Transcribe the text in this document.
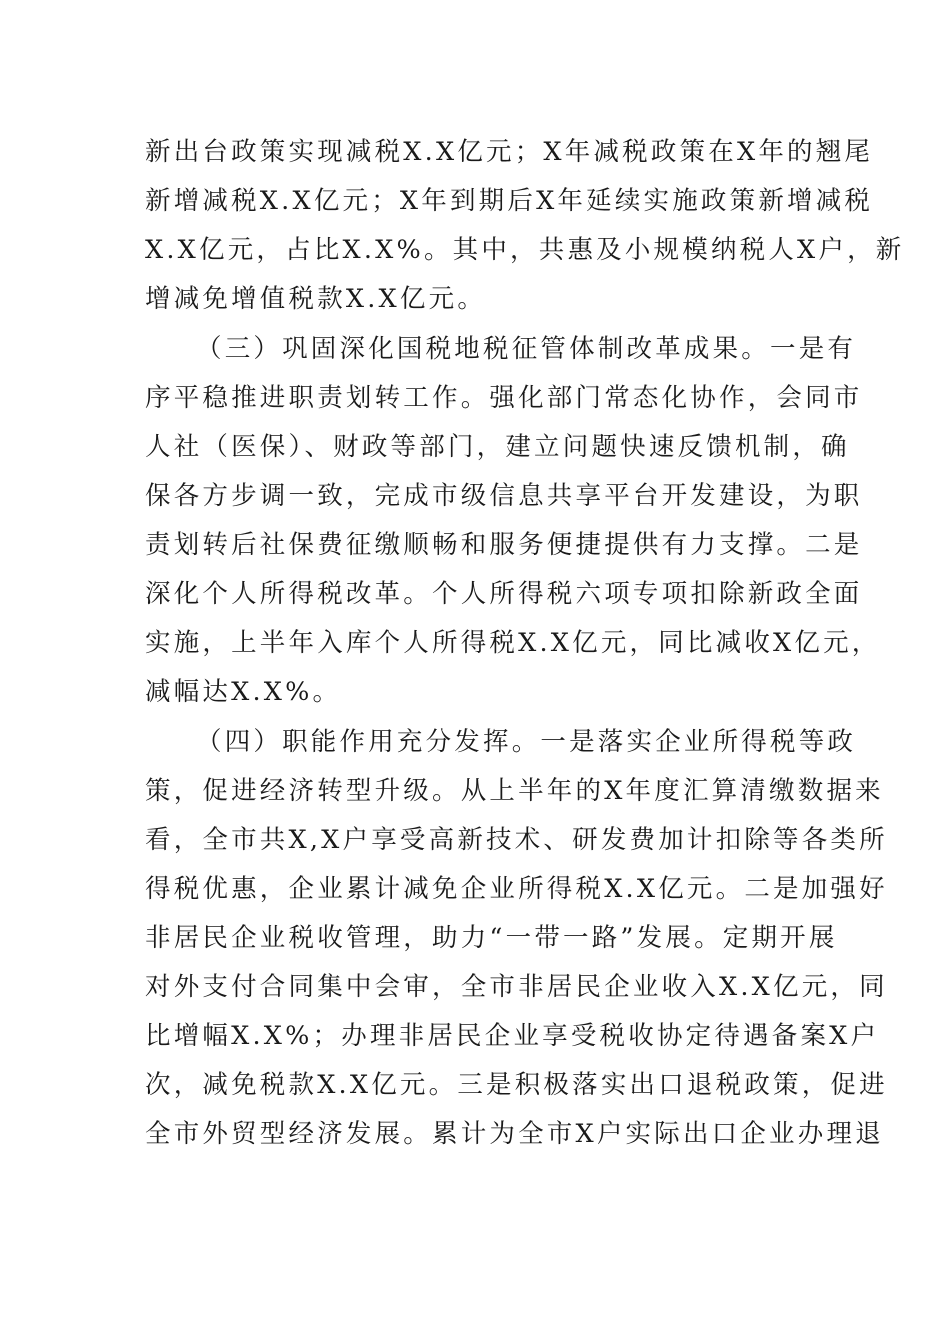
新出台政策实现减税X.X亿元；X年减税政策在X年的翘尾
新增减税X.X亿元；X年到期后X年延续实施政策新增减税
X.X亿元，占比X.X%。其中，共惠及小规模纳税人X户，新
增减免增值税款X.X亿元。
（三）巩固深化国税地税征管体制改革成果。一是有
序平稳推进职责划转工作。强化部门常态化协作，会同市
人社（医保）、财政等部门，建立问题快速反馈机制，确
保各方步调一致，完成市级信息共享平台开发建设，为职
责划转后社保费征缴顺畅和服务便捷提供有力支撑。二是
深化个人所得税改革。个人所得税六项专项扣除新政全面
实施，上半年入库个人所得税X.X亿元，同比减收X亿元，
减幅达X.X%。
（四）职能作用充分发挥。一是落实企业所得税等政
策，促进经济转型升级。从上半年的X年度汇算清缴数据来
看，全市共X,X户享受高新技术、研发费加计扣除等各类所
得税优惠，企业累计减免企业所得税X.X亿元。二是加强好
非居民企业税收管理，助力“一带一路”发展。定期开展
对外支付合同集中会审，全市非居民企业收入X.X亿元，同
比增幅X.X%；办理非居民企业享受税收协定待遇备案X户
次，减免税款X.X亿元。三是积极落实出口退税政策，促进
全市外贸型经济发展。累计为全市X户实际出口企业办理退
